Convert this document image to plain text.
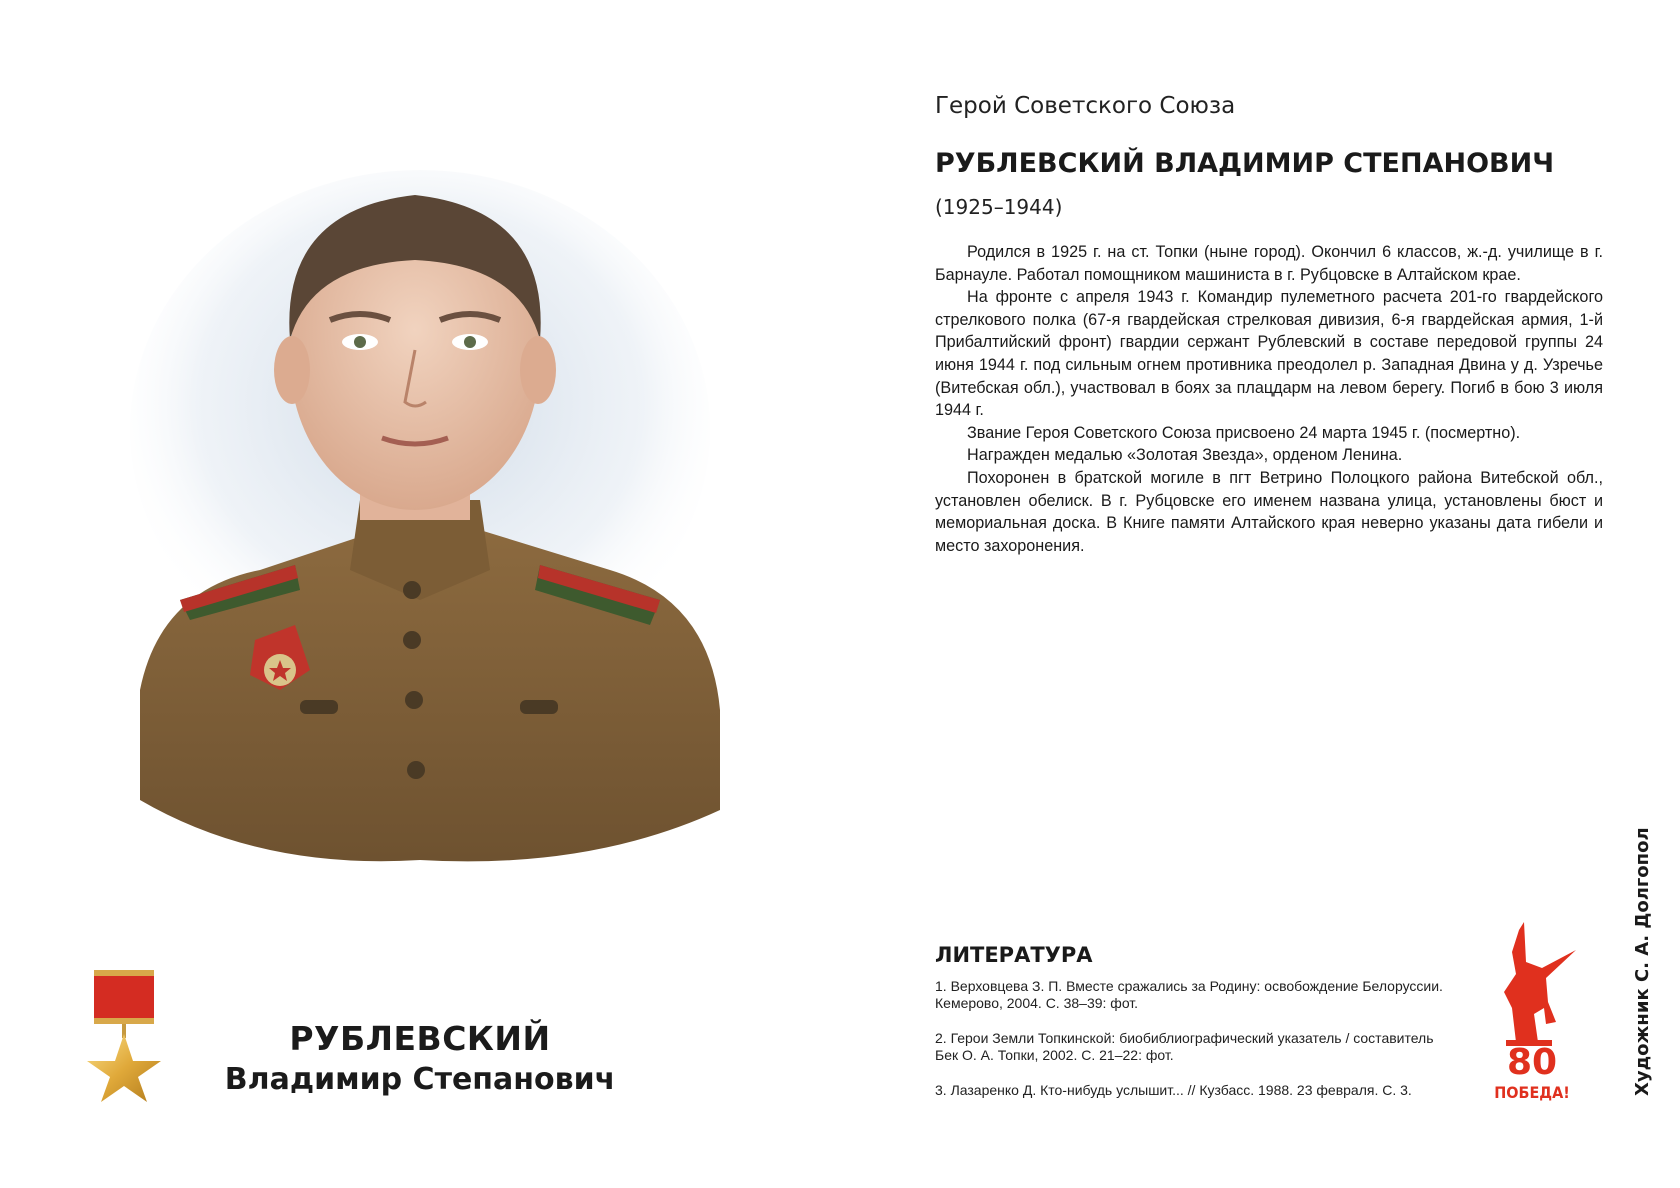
РУБЛЕВСКИЙ
Владимир Степанович
Герой Советского Союза
РУБЛЕВСКИЙ ВЛАДИМИР СТЕПАНОВИЧ
(1925–1944)

Родился в 1925 г. на ст. Топки (ныне город). Окончил 6 классов, ж.-д. училище в г. Барнауле. Работал помощником машиниста в г. Рубцовске в Алтайском крае.

На фронте с апреля 1943 г. Командир пулеметного расчета 201-го гвардейского стрелкового полка (67-я гвардейская стрелковая дивизия, 6-я гвардейская армия, 1-й Прибалтийский фронт) гвардии сержант Рублевский в составе передовой группы 24 июня 1944 г. под сильным огнем противника преодолел р. Западная Двина у д. Узречье (Витебская обл.), участвовал в боях за плацдарм на левом берегу. Погиб в бою 3 июля 1944 г.

Звание Героя Советского Союза присвоено 24 марта 1945 г. (посмертно).

Награжден медалью «Золотая Звезда», орденом Ленина.

Похоронен в братской могиле в пгт Ветрино Полоцкого района Витебской обл., установлен обелиск. В г. Рубцовске его именем названа улица, установлены бюст и мемориальная доска. В Книге памяти Алтайского края неверно указаны дата гибели и место захоронения.

ЛИТЕРАТУРА
1. Верховцева З. П. Вместе сражались за Родину: освобождение Белоруссии. Кемерово, 2004. С. 38–39: фот.
2. Герои Земли Топкинской: биобиблиографический указатель / составитель Бек О. А. Топки, 2002. С. 21–22: фот.
3. Лазаренко Д. Кто-нибудь услышит... // Кузбасс. 1988. 23 февраля. С. 3.
80
ПОБЕДА!	Художник С. А. Долгопол
